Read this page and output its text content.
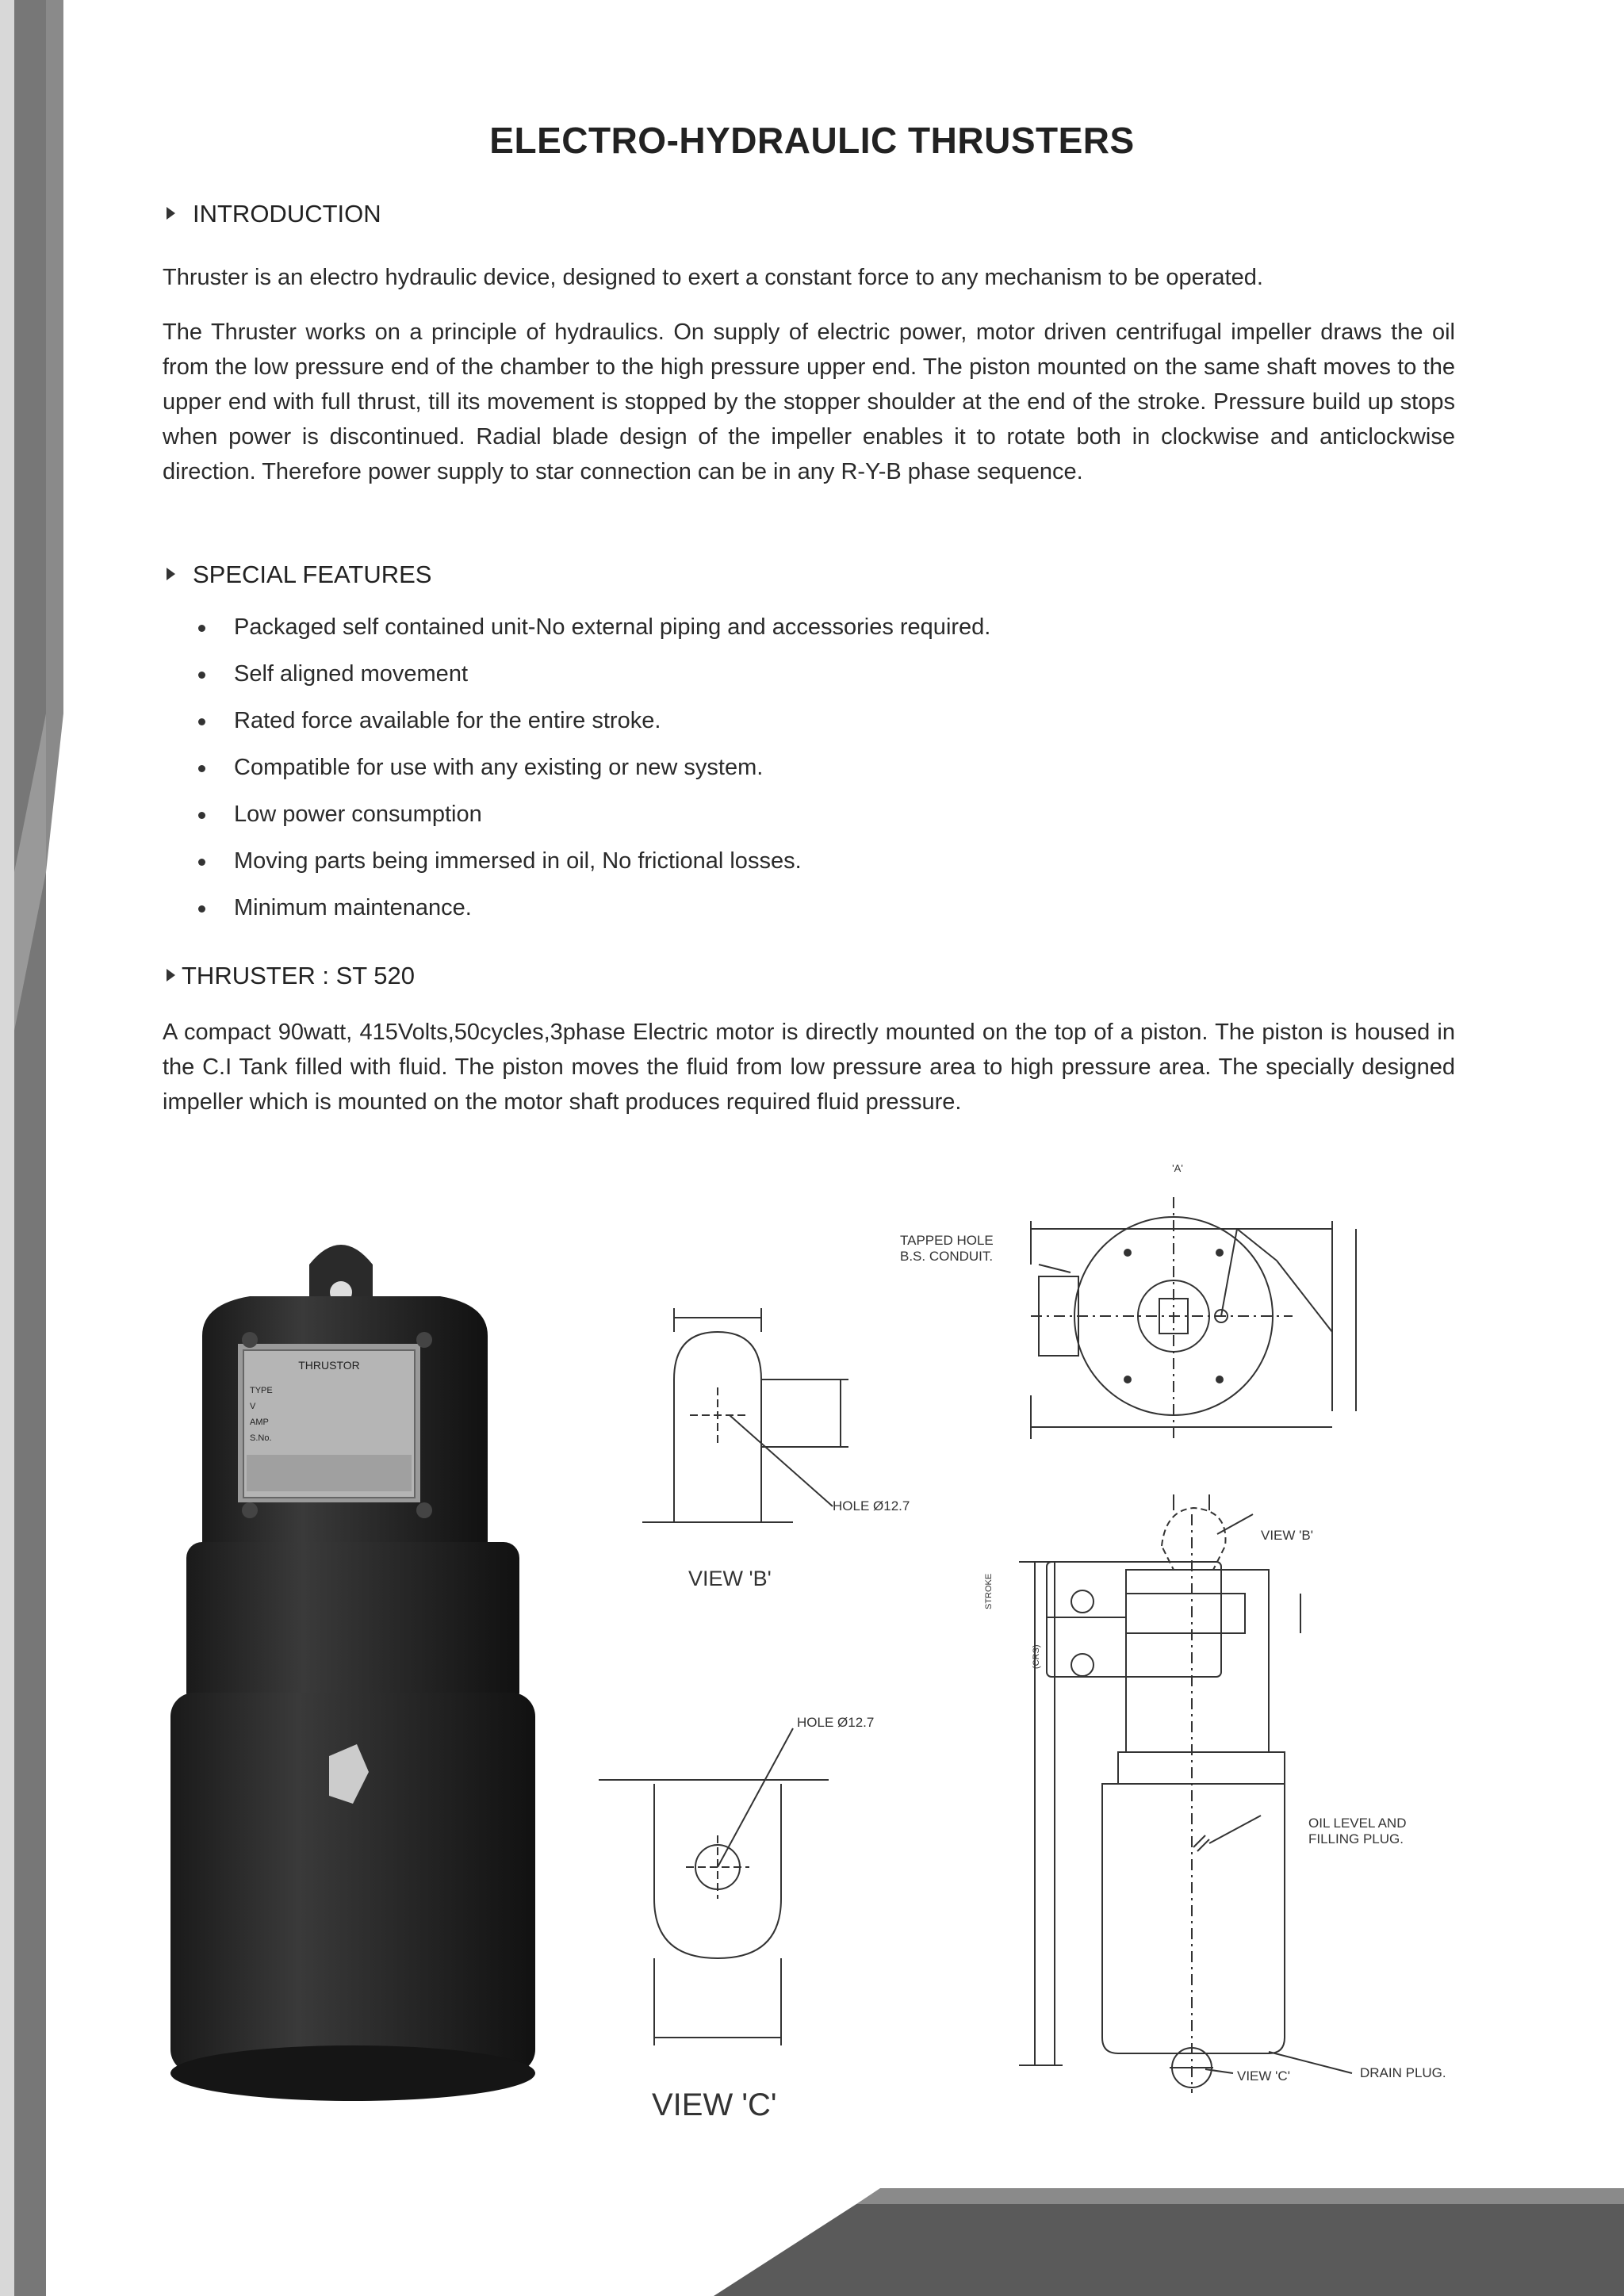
ELECTRO-HYDRAULIC THRUSTERS
INTRODUCTION

Thruster is an electro hydraulic device, designed to exert a constant force to any mechanism to be operated.

The Thruster works on a principle of hydraulics. On supply of electric power, motor driven centrifugal impeller draws the oil from the low pressure end of the chamber to the high pressure upper end. The piston mounted on the same shaft moves to the upper end with full thrust, till its movement is stopped by the stopper shoulder at the end of the stroke. Pressure build up stops when power is discontinued. Radial blade design of the impeller enables it to rotate both in clockwise and anticlockwise direction. Therefore power supply to star connection can be in any R-Y-B phase sequence.

SPECIAL FEATURES
Packaged self contained unit-No external piping and accessories required.
Self aligned movement
Rated force available for the entire stroke.
Compatible for use with any existing or new system.
Low power consumption
Moving parts being immersed in oil, No frictional losses.
Minimum maintenance.
THRUSTER : ST 520

A compact 90watt, 415Volts,50cycles,3phase Electric motor is directly mounted on the top of a piston. The piston is housed in the C.I Tank filled with fluid. The piston moves the fluid from low pressure area to high pressure area. The specially designed impeller which is mounted on the motor shaft produces required fluid pressure.

THRUSTOR
TYPE
V
AMP
S.No.
'A'
TAPPED HOLE
B.S. CONDUIT.
HOLE Ø12.7
VIEW 'B'
HOLE Ø12.7
VIEW 'C'
VIEW 'B'
VIEW 'C'
OIL LEVEL AND
FILLING PLUG.
DRAIN PLUG.
STROKE
(CRS)
